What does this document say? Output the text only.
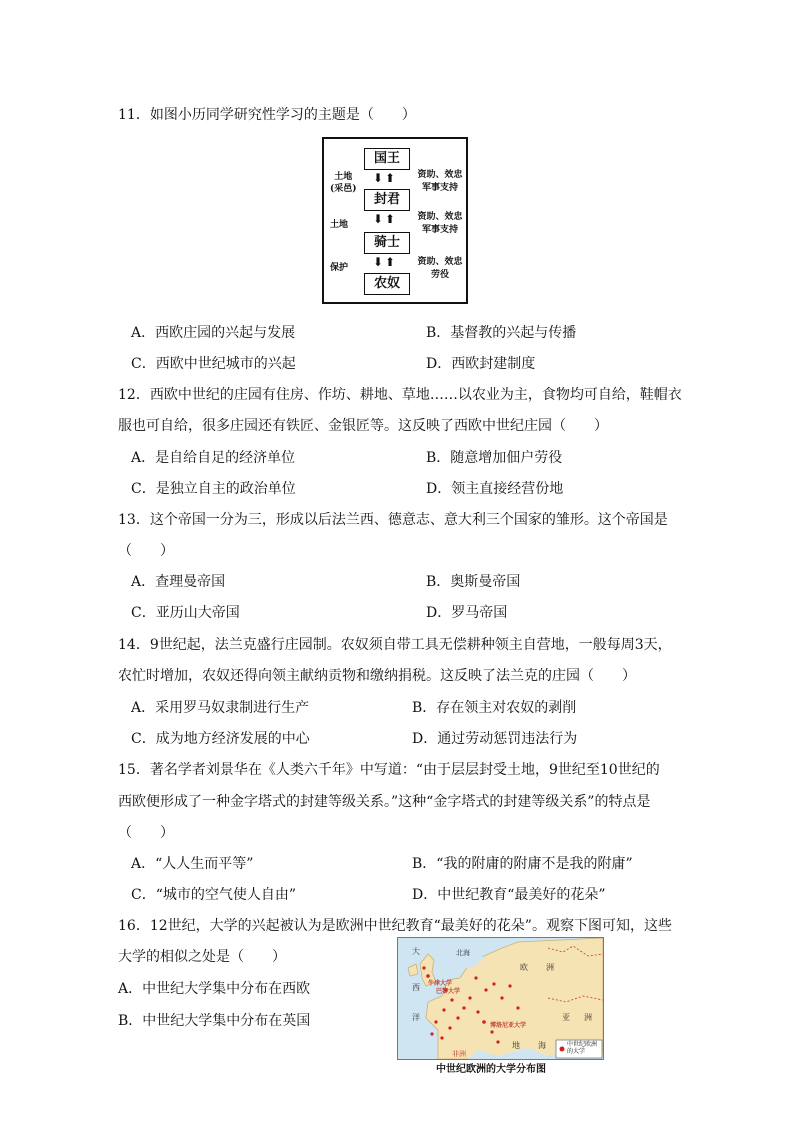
11．如图小历同学研究性学习的主题是（　　）
国王
⬇⬆
封君
⬇⬆
骑士
⬇⬆
农奴
土地
(采邑)
土地
保护
资助、效忠
军事支持
资助、效忠
军事支持
资助、效忠
劳役
A．西欧庄园的兴起与发展	B．基督教的兴起与传播
C．西欧中世纪城市的兴起	D．西欧封建制度
12．西欧中世纪的庄园有住房、作坊、耕地、草地……以农业为主，食物均可自给，鞋帽衣
服也可自给，很多庄园还有铁匠、金银匠等。这反映了西欧中世纪庄园（　　）
A．是自给自足的经济单位	B．随意增加佃户劳役
C．是独立自主的政治单位	D．领主直接经营份地
13．这个帝国一分为三，形成以后法兰西、德意志、意大利三个国家的雏形。这个帝国是
（　　）
A．查理曼帝国	B．奥斯曼帝国
C．亚历山大帝国	D．罗马帝国
14．9世纪起，法兰克盛行庄园制。农奴须自带工具无偿耕种领主自营地，一般每周3天，
农忙时增加，农奴还得向领主献纳贡物和缴纳捐税。这反映了法兰克的庄园（　　）
A．采用罗马奴隶制进行生产	B．存在领主对农奴的剥削
C．成为地方经济发展的中心	D．通过劳动惩罚违法行为
15．著名学者刘景华在《人类六千年》中写道：“由于层层封受土地，9世纪至10世纪的
西欧便形成了一种金字塔式的封建等级关系。”这种“金字塔式的封建等级关系”的特点是
（　　）
A．“人人生而平等”	B．“我的附庸的附庸不是我的附庸”
C．“城市的空气使人自由”	D．中世纪教育“最美好的花朵”
16．12世纪，大学的兴起被认为是欧洲中世纪教育“最美好的花朵”。观察下图可知，这些
大学的相似之处是（　　）
A．中世纪大学集中分布在西欧
B．中世纪大学集中分布在英国
大
西
洋
北海
欧 洲
亚 洲
地 海
非洲
牛津大学
巴黎大学
博洛尼亚大学
中世纪欧洲的大学
中世纪欧洲的大学分布图
